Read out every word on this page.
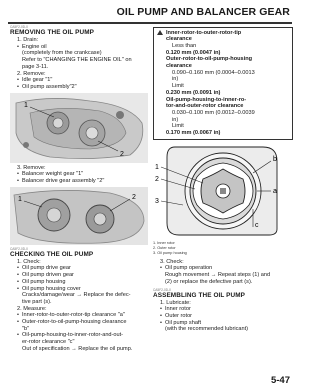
OIL PUMP AND BALANCER GEAR
CA5F2-0D-0
REMOVING THE OIL PUMP
1. Drain:
• Engine oil
(completely from the crankcase)
Refer to "CHANGING THE ENGINE OIL" on
page 3-11.
2. Remove:
• Idle gear "1"
• Oil pump assembly"2"
1
2
3. Remove:
• Balancer weight gear "1"
• Balancer drive gear assembly "2"
1	2
CA5F2-0D-0
CHECKING THE OIL PUMP
1. Check:
• Oil pump drive gear
• Oil pump driven gear
• Oil pump housing
• Oil pump housing cover
Cracks/damage/wear → Replace the defec-
tive part (s).
2. Measure:
• Inner-rotor-to-outer-rotor-tip clearance "a"
• Outer-rotor-to-oil-pump-housing clearance
"b"
• Oil-pump-housing-to-inner-rotor-and-out-
er-rotor clearance "c"
Out of specification → Replace the oil pump.
Inner-rotor-to-outer-rotor-tip
clearance
Less than
0.120 mm (0.0047 in)
Outer-rotor-to-oil-pump-housing
clearance
0.090–0.160 mm (0.0004–0.0013
in)
Limit
0.230 mm (0.0091 in)
Oil-pump-housing-to-inner-ro-
tor-and-outer-rotor clearance
0.030–0.100 mm (0.0012–0.0039
in)
Limit
0.170 mm (0.0067 in)
1
2
3
b
a
c
1. Inner rotor
2. Outer rotor
3. Oil pump housing
3. Check:
• Oil pump operation
Rough movement → Repeat steps (1) and
(2) or replace the defective part (s).
CA5F2-0D-0
ASSEMBLING THE OIL PUMP
1. Lubricate:
• Inner rotor
• Outer rotor
• Oil pump shaft
(with the recommended lubricant)
5-47
